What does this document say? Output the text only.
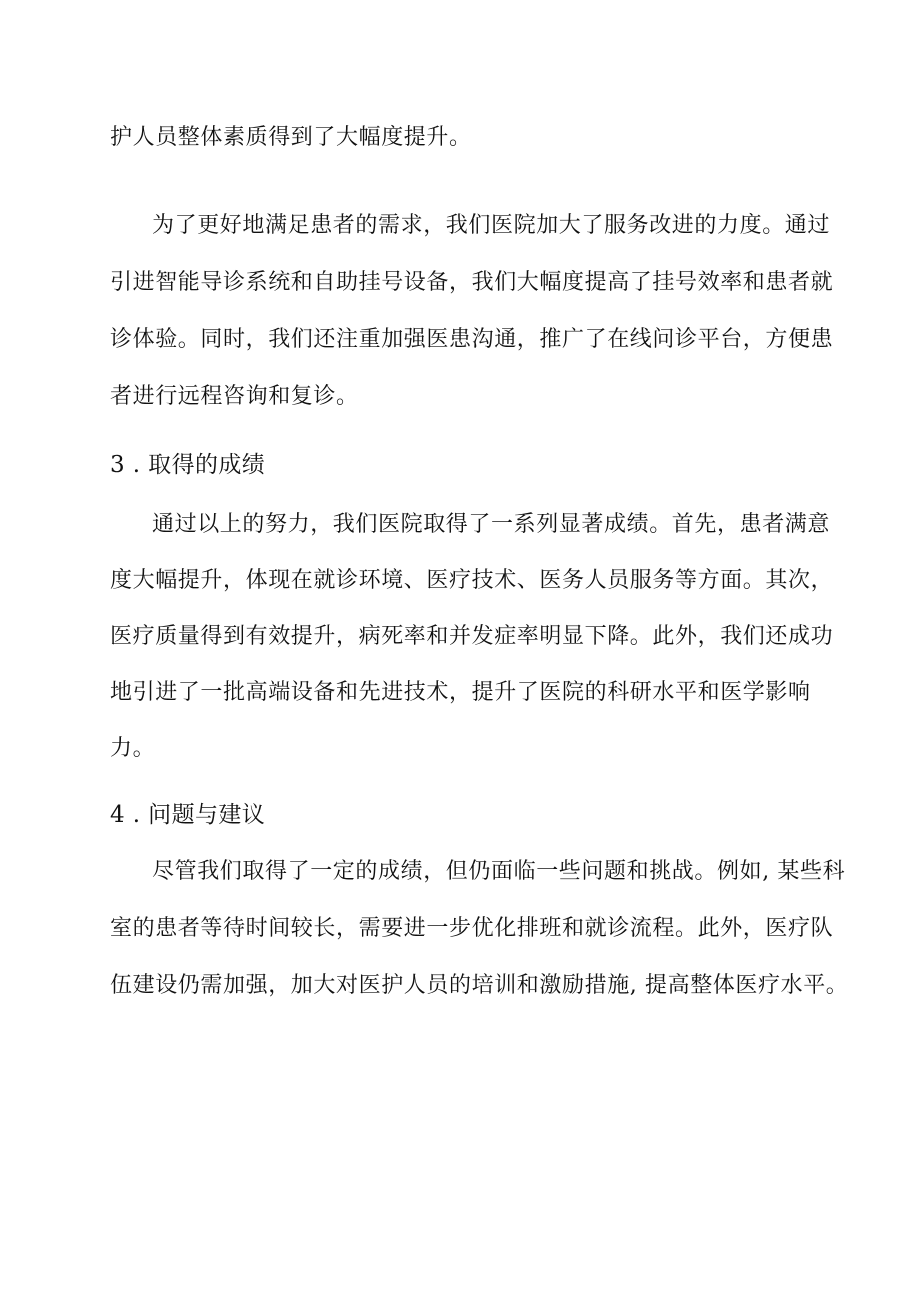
护人员整体素质得到了大幅度提升。
为了更好地满足患者的需求，我们医院加大了服务改进的力度。通过
引进智能导诊系统和自助挂号设备，我们大幅度提高了挂号效率和患者就
诊体验。同时，我们还注重加强医患沟通，推广了在线问诊平台，方便患
者进行远程咨询和复诊。
3 . 取得的成绩
通过以上的努力，我们医院取得了一系列显著成绩。首先，患者满意
度大幅提升，体现在就诊环境、医疗技术、医务人员服务等方面。其次，
医疗质量得到有效提升，病死率和并发症率明显下降。此外，我们还成功
地引进了一批高端设备和先进技术，提升了医院的科研水平和医学影响
力。
4 . 问题与建议
尽管我们取得了一定的成绩，但仍面临一些问题和挑战。例如, 某些科
室的患者等待时间较长，需要进一步优化排班和就诊流程。此外，医疗队
伍建设仍需加强，加大对医护人员的培训和激励措施, 提高整体医疗水平。
